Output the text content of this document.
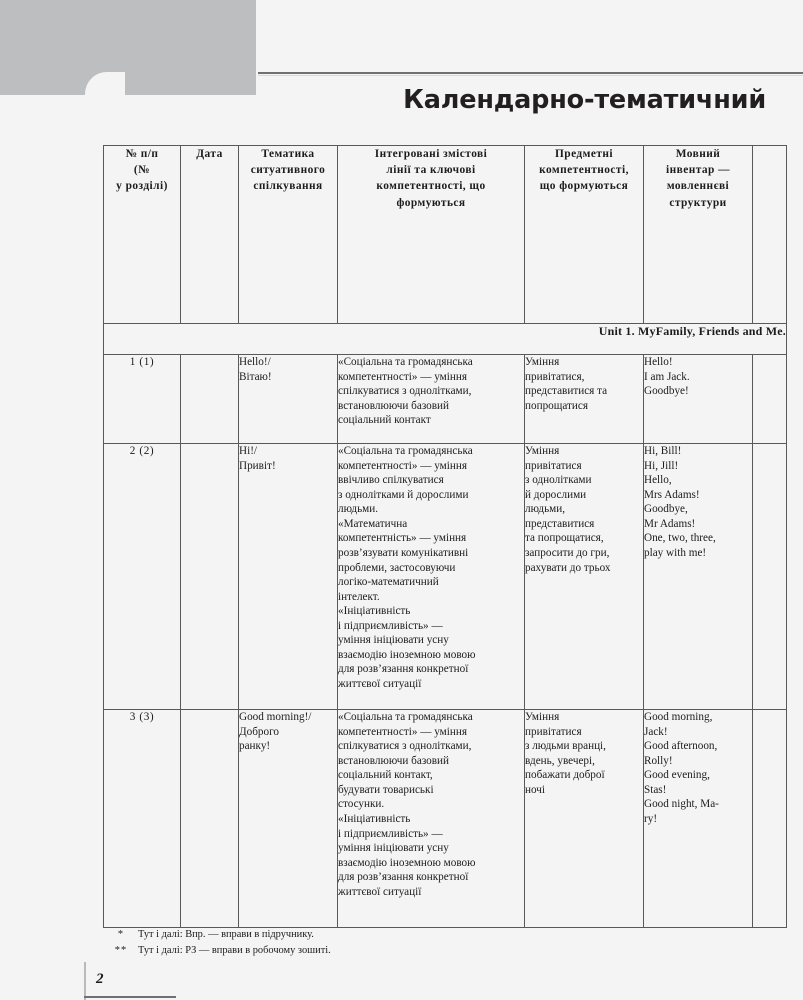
Календарно-тематичний
№ п/п
(№
у розділі)	Дата	Тематика
ситуативного
спілкування	Інтегровані змістові
лінії та ключові
компетентності, що
формуються	Предметні
компетентності,
що формуються	Мовний
інвентар —
мовленнєві
структури	

Unit 1. MyFamily, Friends and Me.						
1 (1)		Hello!/
Вітаю!	«Соціальна та громадянська
компетентності» — уміння
спілкуватися з однолітками,
встановлюючи базовий
соціальний контакт	Уміння
привітатися,
представитися та
попрощатися	Hello!
I am Jack.
Goodbye!	

2 (2)		Hi!/
Привіт!

«Соціальна та громадянська
компетентності» — уміння
ввічливо спілкуватися
з однолітками й дорослими
людьми.
«Математична
компетентність» — уміння
розв’язувати комунікативні
проблеми, застосовуючи
логіко-математичний
інтелект.
«Ініціативність
і підприємливість» —
уміння ініціювати усну
взаємодію іноземною мовою
для розв’язання конкретної
життєвої ситуації

Уміння
привітатися
з однолітками
й дорослими
людьми,
представитися
та попрощатися,
запросити до гри,
рахувати до трьох

Hi, Bill!
Hi, Jill!
Hello,
Mrs Adams!
Goodbye,
Mr Adams!
One, two, three,
play with me!

3 (3)		Good morning!/
Доброго
ранку!

«Соціальна та громадянська
компетентності» — уміння
спілкуватися з однолітками,
встановлюючи базовий
соціальний контакт,
будувати товариські
стосунки.
«Ініціативність
і підприємливість» —
уміння ініціювати усну
взаємодію іноземною мовою
для розв’язання конкретної
життєвої ситуації

Уміння
привітатися
з людьми вранці,
вдень, увечері,
побажати доброї
ночі

Good morning,
Jack!
Good afternoon,
Rolly!
Good evening,
Stas!
Good night, Ma-
ry!

*	Тут і далі: Впр. — вправи в підручнику.
**	Тут і далі: РЗ — вправи в робочому зошиті.
2
